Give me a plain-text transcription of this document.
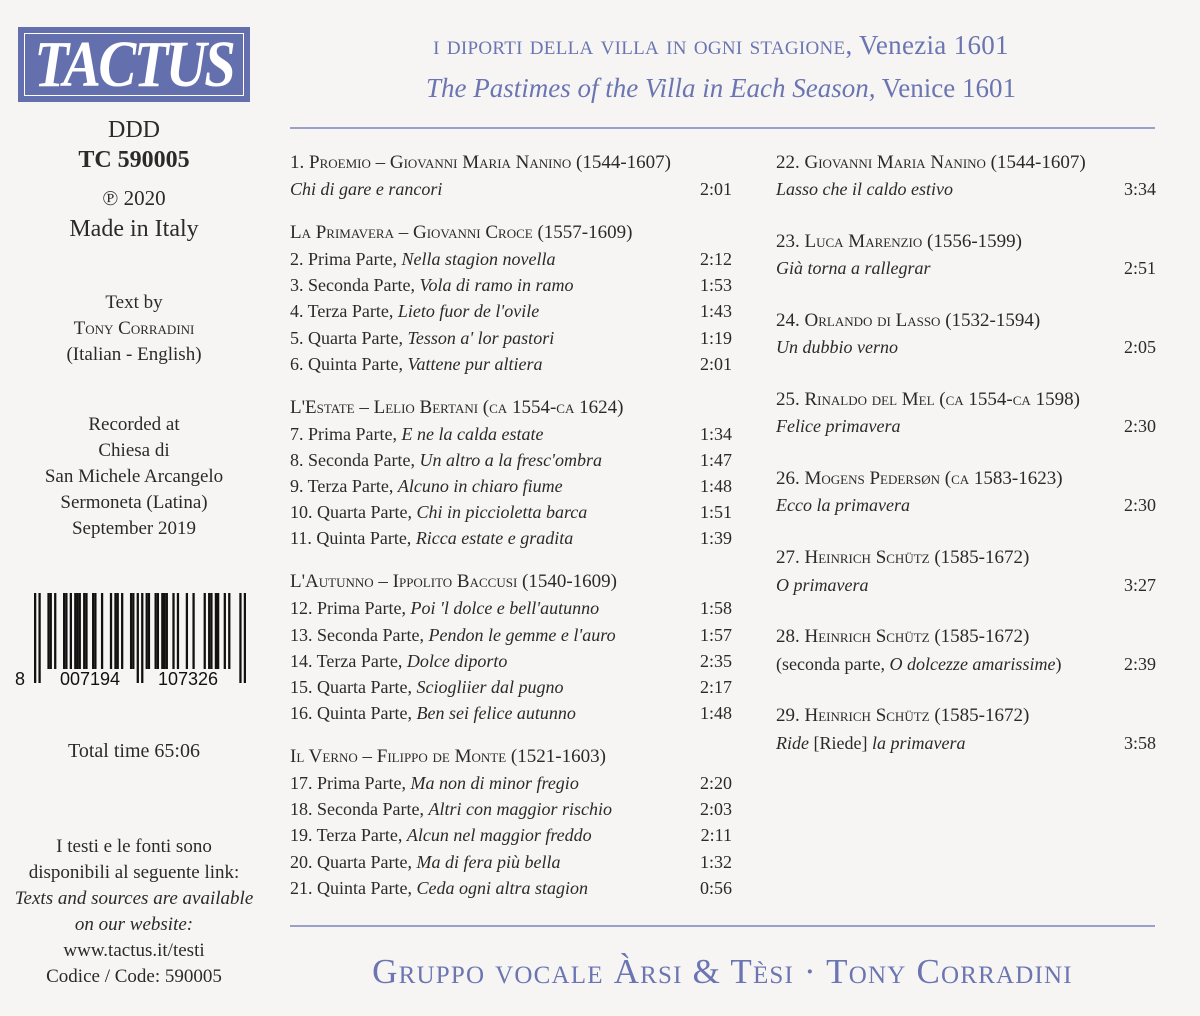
TACTUS
DDD
TC 590005
℗ 2020
Made in Italy
Text by
Tony Corradini
(Italian - English)
Recorded at
Chiesa di
San Michele Arcangelo
Sermoneta (Latina)
September 2019
8 007194 107326
Total time 65:06
I testi e le fonti sono
disponibili al seguente link:
Texts and sources are available
on our website:
www.tactus.it/testi
Codice / Code: 590005
i diporti della villa in ogni stagione, Venezia 1601
The Pastimes of the Villa in Each Season, Venice 1601
1. Proemio – Giovanni Maria Nanino (1544-1607)
Chi di gare e rancori	2:01
La Primavera – Giovanni Croce (1557-1609)
2. Prima Parte, Nella stagion novella	2:12
3. Seconda Parte, Vola di ramo in ramo	1:53
4. Terza Parte, Lieto fuor de l'ovile	1:43
5. Quarta Parte, Tesson a' lor pastori	1:19
6. Quinta Parte, Vattene pur altiera	2:01
L'Estate – Lelio Bertani (ca 1554-ca 1624)
7. Prima Parte, E ne la calda estate	1:34
8. Seconda Parte, Un altro a la fresc'ombra	1:47
9. Terza Parte, Alcuno in chiaro fiume	1:48
10. Quarta Parte, Chi in piccioletta barca	1:51
11. Quinta Parte, Ricca estate e gradita	1:39
L'Autunno – Ippolito Baccusi (1540-1609)
12. Prima Parte, Poi 'l dolce e bell'autunno	1:58
13. Seconda Parte, Pendon le gemme e l'auro	1:57
14. Terza Parte, Dolce diporto	2:35
15. Quarta Parte, Sciogliier dal pugno	2:17
16. Quinta Parte, Ben sei felice autunno	1:48
Il Verno – Filippo de Monte (1521-1603)
17. Prima Parte, Ma non di minor fregio	2:20
18. Seconda Parte, Altri con maggior rischio	2:03
19. Terza Parte, Alcun nel maggior freddo	2:11
20. Quarta Parte, Ma di fera più bella	1:32
21. Quinta Parte, Ceda ogni altra stagion	0:56
22. Giovanni Maria Nanino (1544-1607)
Lasso che il caldo estivo	3:34
23. Luca Marenzio (1556-1599)
Già torna a rallegrar	2:51
24. Orlando di Lasso (1532-1594)
Un dubbio verno	2:05
25. Rinaldo del Mel (ca 1554-ca 1598)
Felice primavera	2:30
26. Mogens Pedersøn (ca 1583-1623)
Ecco la primavera	2:30
27. Heinrich Schütz (1585-1672)
O primavera	3:27
28. Heinrich Schütz (1585-1672)
(seconda parte, O dolcezze amarissime)	2:39
29. Heinrich Schütz (1585-1672)
Ride [Riede] la primavera	3:58
Gruppo vocale Àrsi & Tèsi · Tony Corradini
